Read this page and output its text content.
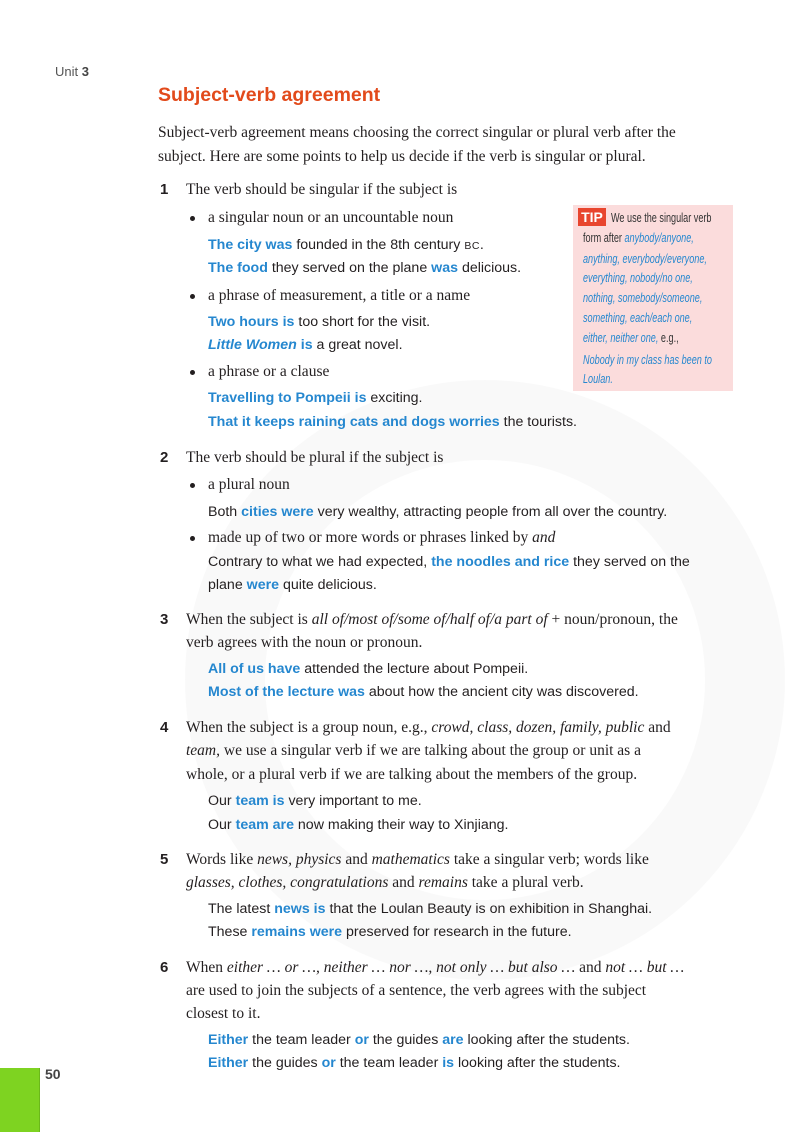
Unit 3
Subject-verb agreement
Subject-verb agreement means choosing the correct singular or plural verb after the
subject. Here are some points to help us decide if the verb is singular or plural.
1 The verb should be singular if the subject is
a singular noun or an uncountable noun
The city was founded in the 8th century BC.
The food they served on the plane was delicious.
a phrase of measurement, a title or a name
Two hours is too short for the visit.
Little Women is a great novel.
a phrase or a clause
Travelling to Pompeii is exciting.
That it keeps raining cats and dogs worries the tourists.
2 The verb should be plural if the subject is
a plural noun
Both cities were very wealthy, attracting people from all over the country.
made up of two or more words or phrases linked by and
Contrary to what we had expected, the noodles and rice they served on the
plane were quite delicious.
3 When the subject is all of/most of/some of/half of/a part of + noun/pronoun, the
verb agrees with the noun or pronoun.
All of us have attended the lecture about Pompeii.
Most of the lecture was about how the ancient city was discovered.
4 When the subject is a group noun, e.g., crowd, class, dozen, family, public and
team, we use a singular verb if we are talking about the group or unit as a
whole, or a plural verb if we are talking about the members of the group.
Our team is very important to me.
Our team are now making their way to Xinjiang.
5 Words like news, physics and mathematics take a singular verb; words like
glasses, clothes, congratulations and remains take a plural verb.
The latest news is that the Loulan Beauty is on exhibition in Shanghai.
These remains were preserved for research in the future.
6 When either … or …, neither … nor …, not only … but also … and not … but …
are used to join the subjects of a sentence, the verb agrees with the subject
closest to it.
Either the team leader or the guides are looking after the students.
Either the guides or the team leader is looking after the students.
TIP We use the singular verb
form after anybody/anyone,
anything, everybody/everyone,
everything, nobody/no one,
nothing, somebody/someone,
something, each/each one,
either, neither one, e.g.,
Nobody in my class has been to
Loulan.
50
